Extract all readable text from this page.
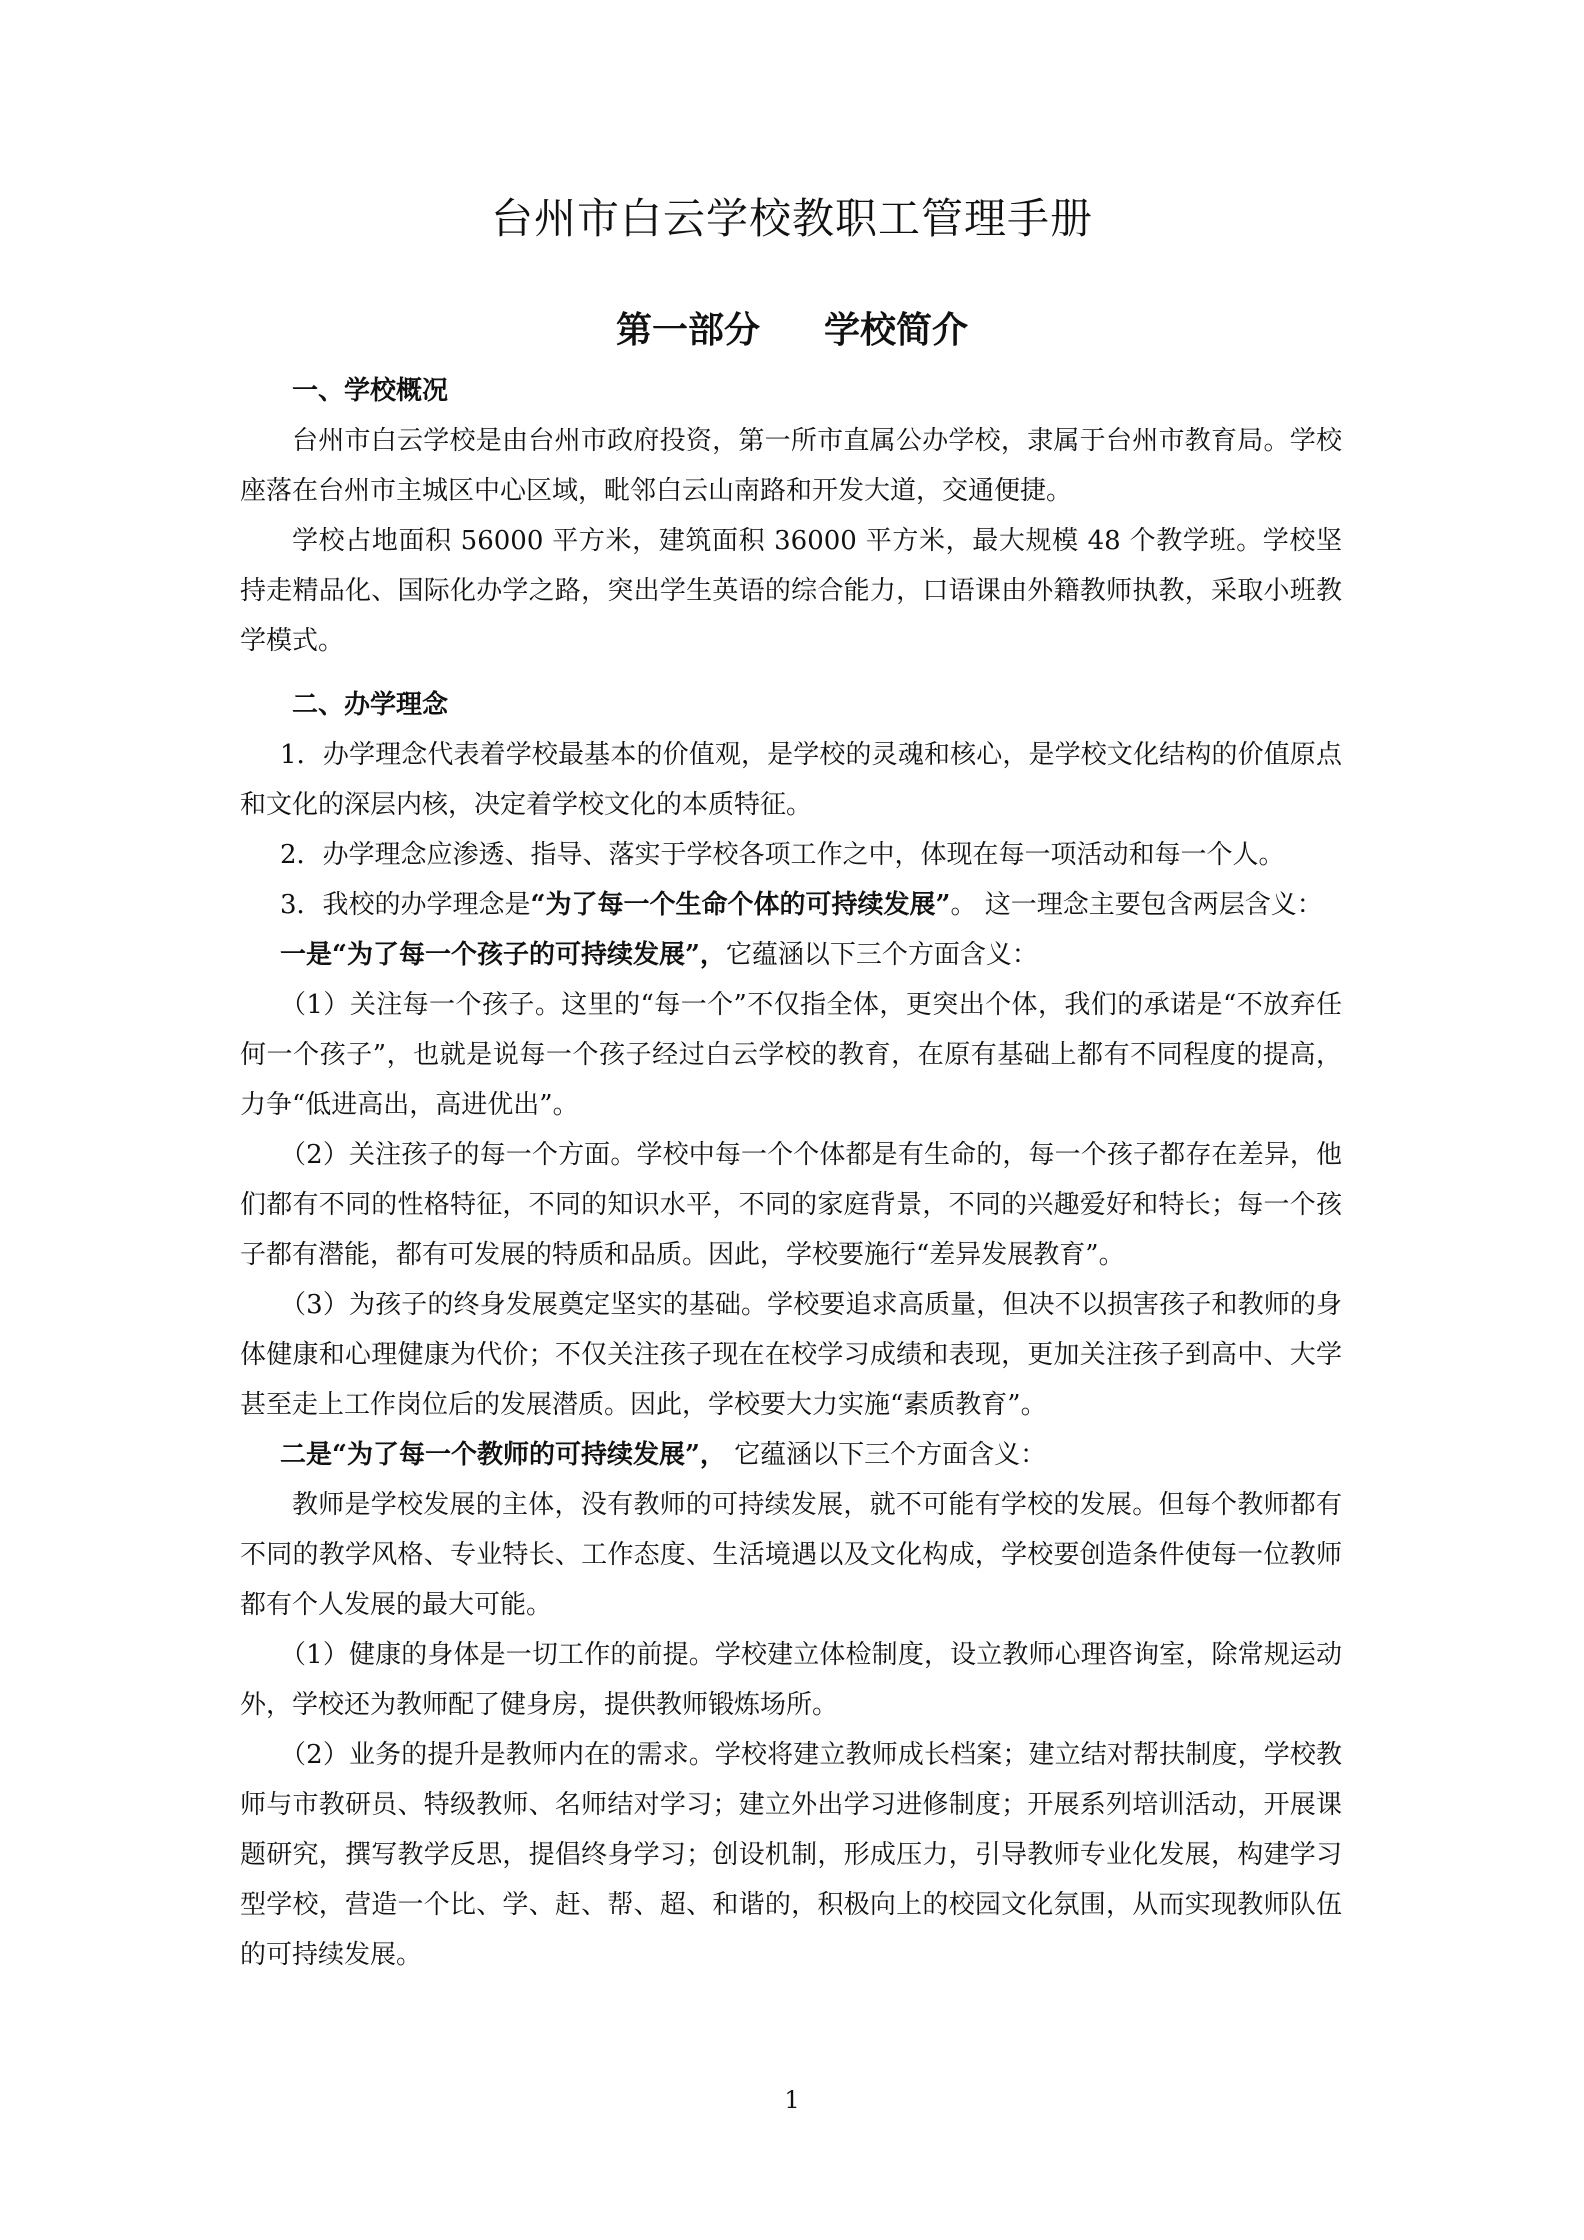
台州市白云学校教职工管理手册
第一部分 学校简介
一、学校概况

台州市白云学校是由台州市政府投资，第一所市直属公办学校，隶属于台州市教育局。学校座落在台州市主城区中心区域，毗邻白云山南路和开发大道，交通便捷。

学校占地面积 56000 平方米，建筑面积 36000 平方米，最大规模 48 个教学班。学校坚持走精品化、国际化办学之路，突出学生英语的综合能力，口语课由外籍教师执教，采取小班教学模式。

二、办学理念

1．办学理念代表着学校最基本的价值观，是学校的灵魂和核心，是学校文化结构的价值原点和文化的深层内核，决定着学校文化的本质特征。

2．办学理念应渗透、指导、落实于学校各项工作之中，体现在每一项活动和每一个人。

3．我校的办学理念是“为了每一个生命个体的可持续发展”。 这一理念主要包含两层含义：

一是“为了每一个孩子的可持续发展”，它蕴涵以下三个方面含义：

（1）关注每一个孩子。这里的“每一个”不仅指全体，更突出个体，我们的承诺是“不放弃任何一个孩子”，也就是说每一个孩子经过白云学校的教育，在原有基础上都有不同程度的提高，力争“低进高出，高进优出”。

（2）关注孩子的每一个方面。学校中每一个个体都是有生命的，每一个孩子都存在差异，他们都有不同的性格特征，不同的知识水平，不同的家庭背景，不同的兴趣爱好和特长；每一个孩子都有潜能，都有可发展的特质和品质。因此，学校要施行“差异发展教育”。

（3）为孩子的终身发展奠定坚实的基础。学校要追求高质量，但决不以损害孩子和教师的身体健康和心理健康为代价；不仅关注孩子现在在校学习成绩和表现，更加关注孩子到高中、大学甚至走上工作岗位后的发展潜质。因此，学校要大力实施“素质教育”。

二是“为了每一个教师的可持续发展”， 它蕴涵以下三个方面含义：

教师是学校发展的主体，没有教师的可持续发展，就不可能有学校的发展。但每个教师都有不同的教学风格、专业特长、工作态度、生活境遇以及文化构成，学校要创造条件使每一位教师都有个人发展的最大可能。

（1）健康的身体是一切工作的前提。学校建立体检制度，设立教师心理咨询室，除常规运动外，学校还为教师配了健身房，提供教师锻炼场所。

（2）业务的提升是教师内在的需求。学校将建立教师成长档案；建立结对帮扶制度，学校教师与市教研员、特级教师、名师结对学习；建立外出学习进修制度；开展系列培训活动，开展课题研究，撰写教学反思，提倡终身学习；创设机制，形成压力，引导教师专业化发展，构建学习型学校，营造一个比、学、赶、帮、超、和谐的，积极向上的校园文化氛围，从而实现教师队伍的可持续发展。

1
